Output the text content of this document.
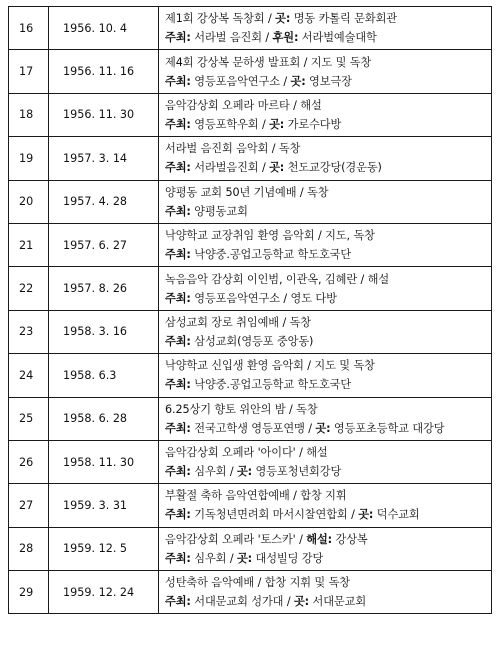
16	1956. 10. 4	제1회 강상복 독창회 / 곳: 명동 카톨릭 문화회관
주최: 서라벌 음진회 / 후원: 서라벌예술대학

17	1956. 11. 16	제4회 강상복 문하생 발표회 / 지도 및 독창
주최: 영등포음악연구소 / 곳: 영보극장

18	1956. 11. 30	음악감상회 오페라 마르타 / 해설
주최: 영등포학우회 / 곳: 가로수다방

19	1957. 3. 14	서라벌 음진회 음악회 / 독창
주최: 서라벌음진회 / 곳: 천도교강당(경운동)

20	1957. 4. 28	양평동 교회 50년 기념예배 / 독창
주최: 양평동교회

21	1957. 6. 27	낙양학교 교장취임 환영 음악회 / 지도, 독창
주최: 낙양중.공업고등학교 학도호국단

22	1957. 8. 26	녹음음악 감상회 이인범, 이관옥, 김혜란 / 해설
주최: 영등포음악연구소 / 영도 다방

23	1958. 3. 16	삼성교회 장로 취임예배 / 독창
주최: 삼성교회(영등포 중앙동)

24	1958. 6.3	낙양학교 신입생 환영 음악회 / 지도 및 독창
주최: 낙양중.공업고등학교 학도호국단

25	1958. 6. 28	6.25상기 향토 위안의 밤 / 독창
주최: 전국고학생 영등포연맹 / 곳: 영등포초등학교 대강당

26	1958. 11. 30	음악감상회 오페라 '아이다' / 해설
주최: 심우회 / 곳: 영등포청년회강당

27	1959. 3. 31	부활절 축하 음악연합예배 / 합창 지휘
주최: 기독청년면려회 마서시찰연합회 / 곳: 덕수교회

28	1959. 12. 5	음악감상회 오페라 '토스카' / 해설: 강상복
주최: 심우회 / 곳: 대성빌딩 강당

29	1959. 12. 24	성탄축하 음악예배 / 합창 지휘 및 독창
주최: 서대문교회 성가대 / 곳: 서대문교회
